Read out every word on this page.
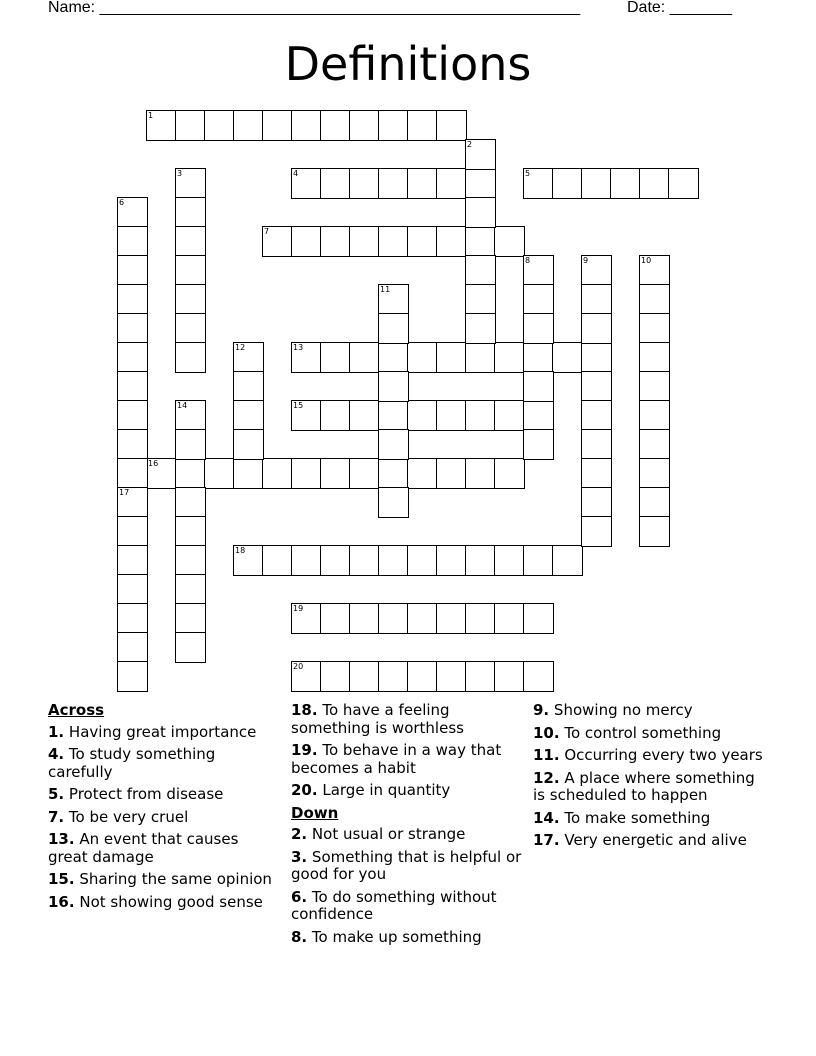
Name: ______________________________________________________	Date: _______
Definitions
1
4	5
7
13
15
16
18
19
20
2
3
6
8	9	10
11
12
14
17
Across
1. Having great importance
4. To study something carefully
5. Protect from disease
7. To be very cruel
13. An event that causes great damage
15. Sharing the same opinion
16. Not showing good sense
18. To have a feeling something is worthless
19. To behave in a way that becomes a habit
20. Large in quantity
Down
2. Not usual or strange
3. Something that is helpful or good for you
6. To do something without confidence
8. To make up something
9. Showing no mercy
10. To control something
11. Occurring every two years
12. A place where something is scheduled to happen
14. To make something
17. Very energetic and alive
